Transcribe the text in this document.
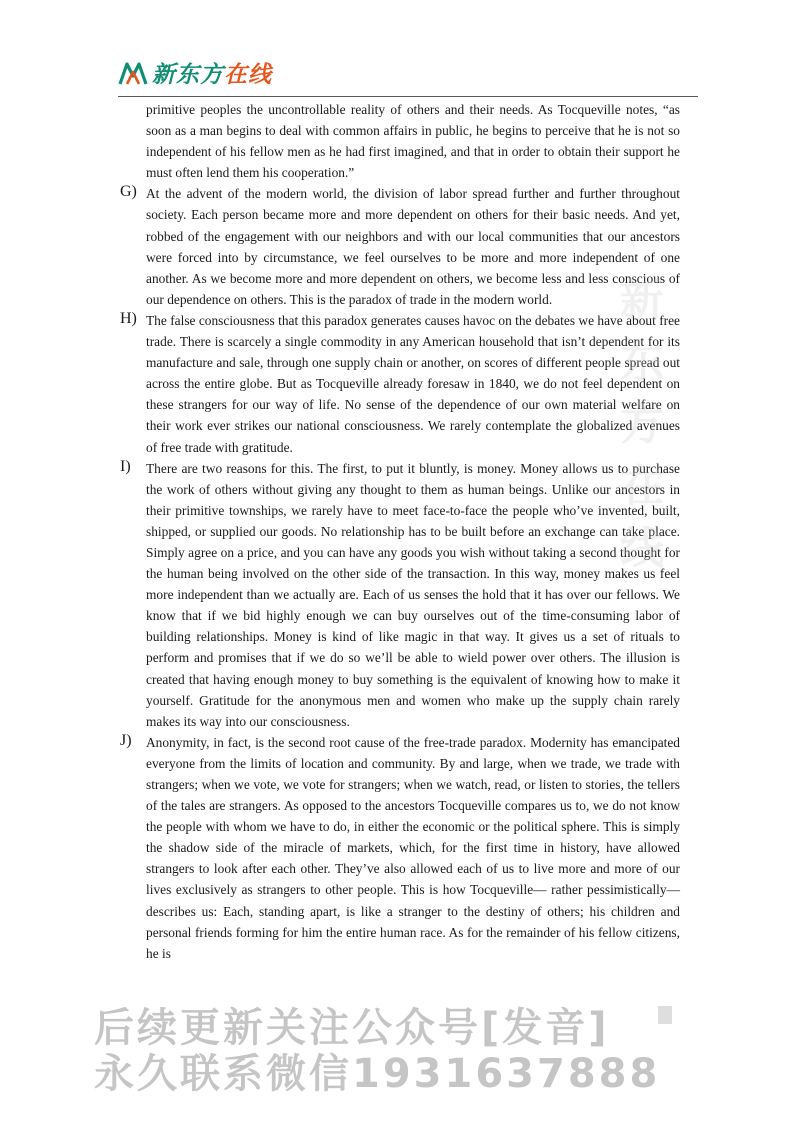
新东方在线

primitive peoples the uncontrollable reality of others and their needs. As Tocqueville notes, “as soon as a man begins to deal with common affairs in public, he begins to perceive that he is not so independent of his fellow men as he had first imagined, and that in order to obtain their support he must often lend them his cooperation.”

G) At the advent of the modern world, the division of labor spread further and further throughout society. Each person became more and more dependent on others for their basic needs. And yet, robbed of the engagement with our neighbors and with our local communities that our ancestors were forced into by circumstance, we feel ourselves to be more and more independent of one another. As we become more and more dependent on others, we become less and less conscious of our dependence on others. This is the paradox of trade in the modern world.

H) The false consciousness that this paradox generates causes havoc on the debates we have about free trade. There is scarcely a single commodity in any American household that isn’t dependent for its manufacture and sale, through one supply chain or another, on scores of different people spread out across the entire globe. But as Tocqueville already foresaw in 1840, we do not feel dependent on these strangers for our way of life. No sense of the dependence of our own material welfare on their work ever strikes our national consciousness. We rarely contemplate the globalized avenues of free trade with gratitude.

I) There are two reasons for this. The first, to put it bluntly, is money. Money allows us to purchase the work of others without giving any thought to them as human beings. Unlike our ancestors in their primitive townships, we rarely have to meet face-to-face the people who’ve invented, built, shipped, or supplied our goods. No relationship has to be built before an exchange can take place. Simply agree on a price, and you can have any goods you wish without taking a second thought for the human being involved on the other side of the transaction. In this way, money makes us feel more independent than we actually are. Each of us senses the hold that it has over our fellows. We know that if we bid highly enough we can buy ourselves out of the time-consuming labor of building relationships. Money is kind of like magic in that way. It gives us a set of rituals to perform and promises that if we do so we’ll be able to wield power over others. The illusion is created that having enough money to buy something is the equivalent of knowing how to make it yourself. Gratitude for the anonymous men and women who make up the supply chain rarely makes its way into our consciousness.

J) Anonymity, in fact, is the second root cause of the free-trade paradox. Modernity has emancipated everyone from the limits of location and community. By and large, when we trade, we trade with strangers; when we vote, we vote for strangers; when we watch, read, or listen to stories, the tellers of the tales are strangers. As opposed to the ancestors Tocqueville compares us to, we do not know the people with whom we have to do, in either the economic or the political sphere. This is simply the shadow side of the miracle of markets, which, for the first time in history, have allowed strangers to look after each other. They’ve also allowed each of us to live more and more of our lives exclusively as strangers to other people. This is how Tocqueville— rather pessimistically—describes us: Each, standing apart, is like a stranger to the destiny of others; his children and personal friends forming for him the entire human race. As for the remainder of his fellow citizens, he is

新东方在线
后续更新关注公众号[发音]
永久联系微信1931637888
